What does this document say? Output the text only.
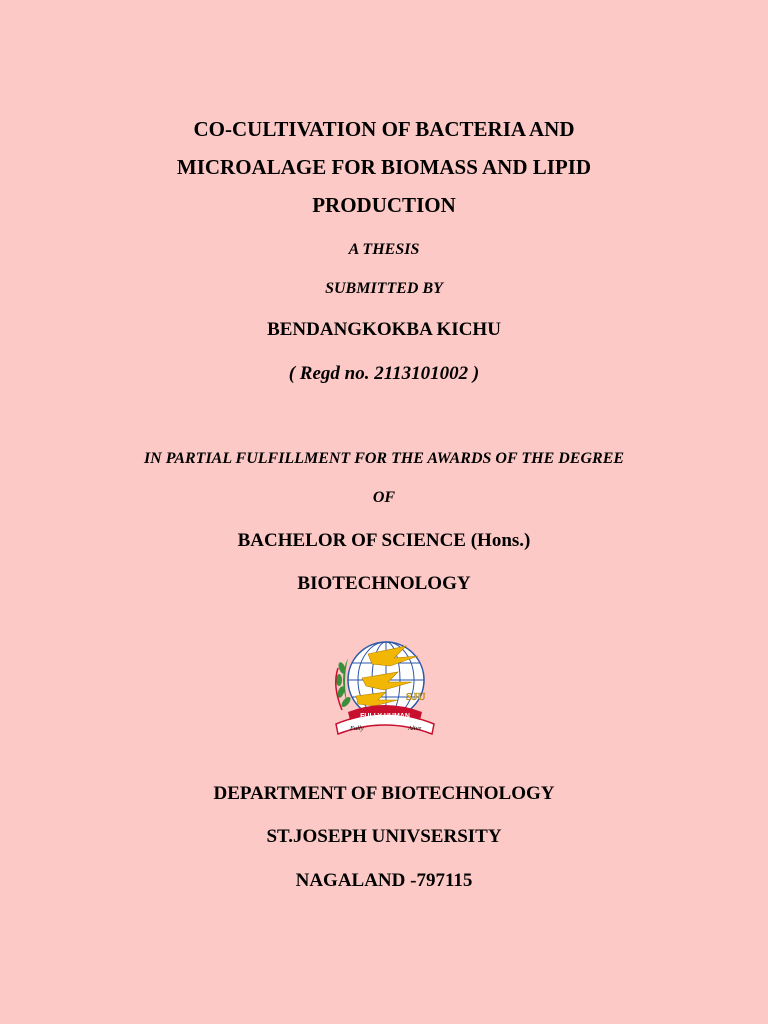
CO-CULTIVATION OF BACTERIA AND
MICROALAGE FOR BIOMASS AND LIPID
PRODUCTION
A THESIS
SUBMITTED BY
BENDANGKOKBA KICHU
( Regd no. 2113101002 )
IN PARTIAL FULFILLMENT FOR THE AWARDS OF THE DEGREE
OF
BACHELOR OF SCIENCE (Hons.)
BIOTECHNOLOGY
SJU
FULLY HUMAN
Fully	Alive
DEPARTMENT OF BIOTECHNOLOGY
ST.JOSEPH UNIVSERSITY
NAGALAND -797115
